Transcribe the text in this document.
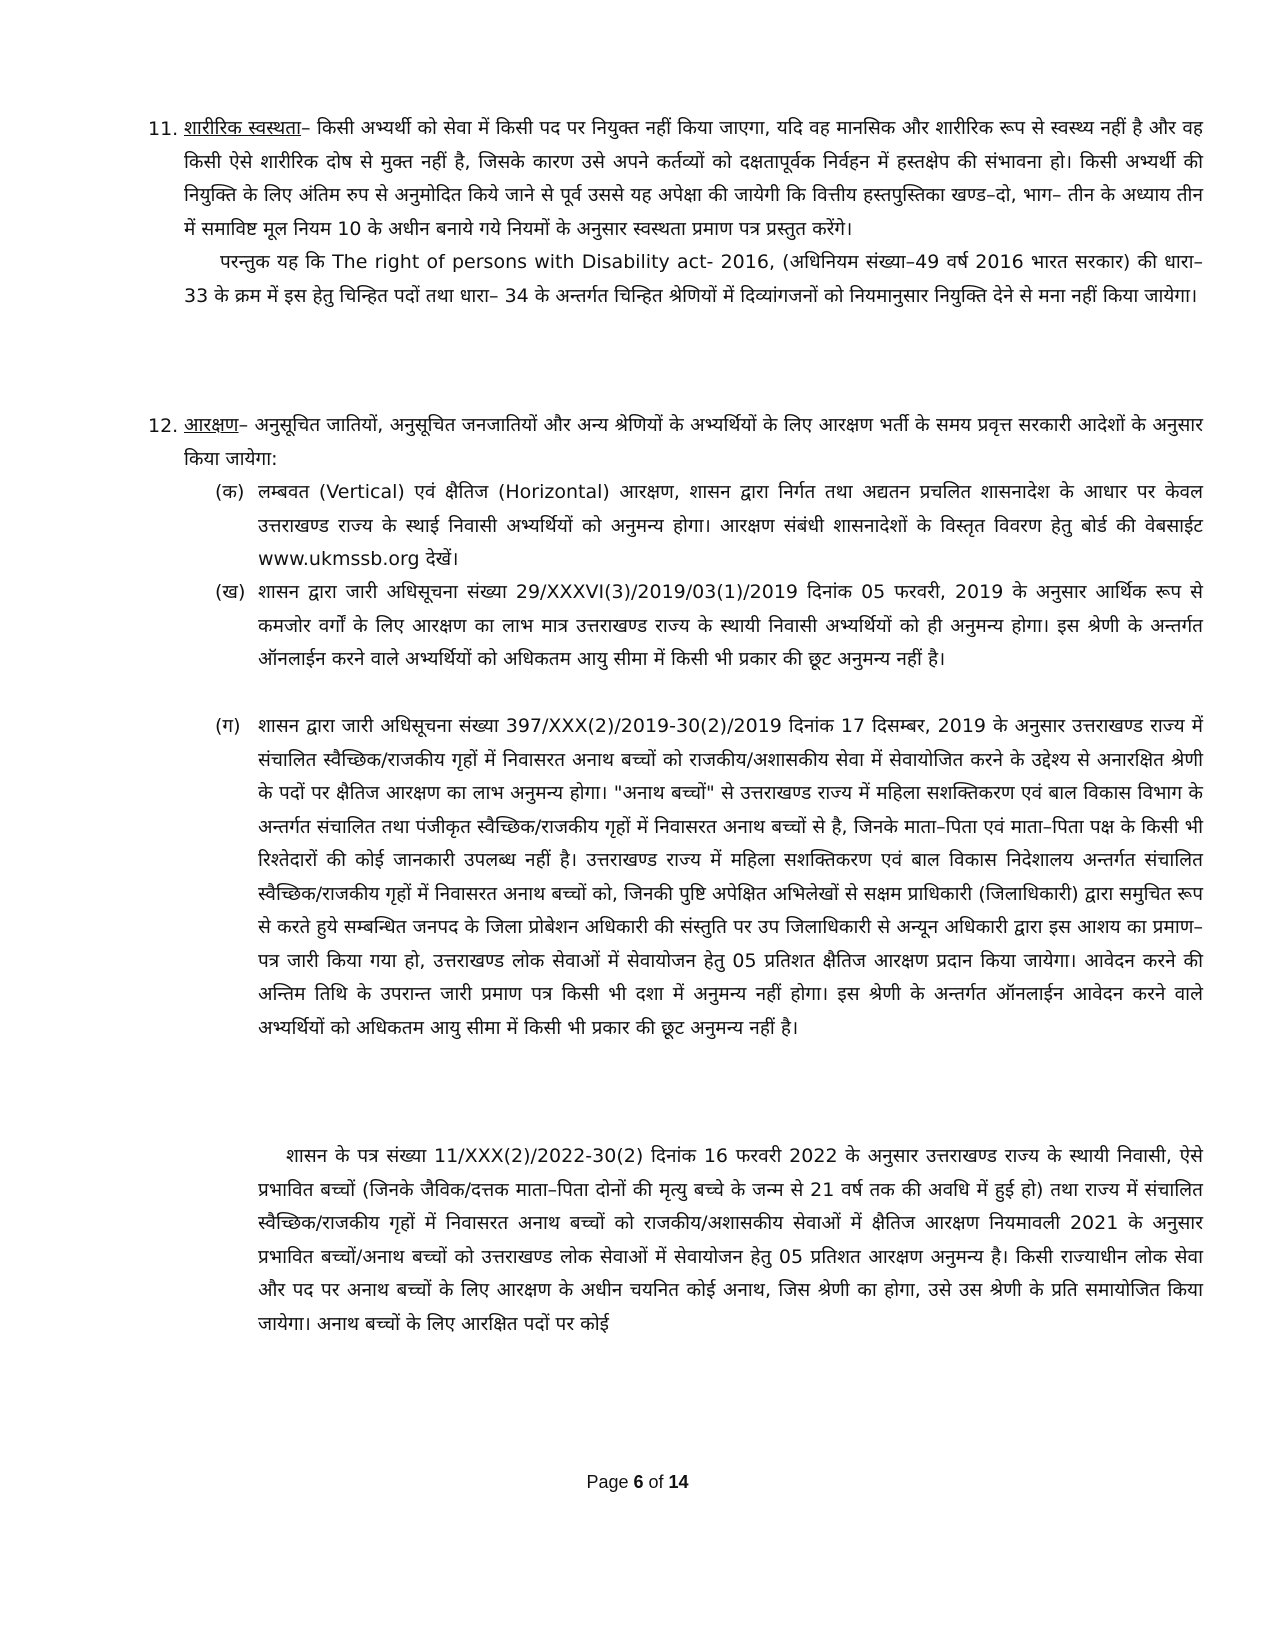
11. शारीरिक स्वस्थता– किसी अभ्यर्थी को सेवा में किसी पद पर नियुक्त नहीं किया जाएगा, यदि वह मानसिक और शारीरिक रूप से स्वस्थ्य नहीं है और वह किसी ऐसे शारीरिक दोष से मुक्त नहीं है, जिसके कारण उसे अपने कर्तव्यों को दक्षतापूर्वक निर्वहन में हस्तक्षेप की संभावना हो। किसी अभ्यर्थी की नियुक्ति के लिए अंतिम रुप से अनुमोदित किये जाने से पूर्व उससे यह अपेक्षा की जायेगी कि वित्तीय हस्तपुस्तिका खण्ड–दो, भाग– तीन के अध्याय तीन में समाविष्ट मूल नियम 10 के अधीन बनाये गये नियमों के अनुसार स्वस्थता प्रमाण पत्र प्रस्तुत करेंगे।

परन्तुक यह कि The right of persons with Disability act- 2016, (अधिनियम संख्या–49 वर्ष 2016 भारत सरकार) की धारा– 33 के क्रम में इस हेतु चिन्हित पदों तथा धारा– 34 के अन्तर्गत चिन्हित श्रेणियों में दिव्यांगजनों को नियमानुसार नियुक्ति देने से मना नहीं किया जायेगा।

12. आरक्षण– अनुसूचित जातियों, अनुसूचित जनजातियों और अन्य श्रेणियों के अभ्यर्थियों के लिए आरक्षण भर्ती के समय प्रवृत्त सरकारी आदेशों के अनुसार किया जायेगा:

(क) लम्बवत (Vertical) एवं क्षैतिज (Horizontal) आरक्षण, शासन द्वारा निर्गत तथा अद्यतन प्रचलित शासनादेश के आधार पर केवल उत्तराखण्ड राज्य के स्थाई निवासी अभ्यर्थियों को अनुमन्य होगा। आरक्षण संबंधी शासनादेशों के विस्तृत विवरण हेतु बोर्ड की वेबसाईट www.ukmssb.org देखें।

(ख) शासन द्वारा जारी अधिसूचना संख्या 29/XXXVI(3)/2019/03(1)/2019 दिनांक 05 फरवरी, 2019 के अनुसार आर्थिक रूप से कमजोर वर्गों के लिए आरक्षण का लाभ मात्र उत्तराखण्ड राज्य के स्थायी निवासी अभ्यर्थियों को ही अनुमन्य होगा। इस श्रेणी के अन्तर्गत ऑनलाईन करने वाले अभ्यर्थियों को अधिकतम आयु सीमा में किसी भी प्रकार की छूट अनुमन्य नहीं है।

(ग) शासन द्वारा जारी अधिसूचना संख्या 397/XXX(2)/2019-30(2)/2019 दिनांक 17 दिसम्बर, 2019 के अनुसार उत्तराखण्ड राज्य में संचालित स्वैच्छिक/राजकीय गृहों में निवासरत अनाथ बच्चों को राजकीय/अशासकीय सेवा में सेवायोजित करने के उद्देश्य से अनारक्षित श्रेणी के पदों पर क्षैतिज आरक्षण का लाभ अनुमन्य होगा। "अनाथ बच्चों" से उत्तराखण्ड राज्य में महिला सशक्तिकरण एवं बाल विकास विभाग के अन्तर्गत संचालित तथा पंजीकृत स्वैच्छिक/राजकीय गृहों में निवासरत अनाथ बच्चों से है, जिनके माता–पिता एवं माता–पिता पक्ष के किसी भी रिश्तेदारों की कोई जानकारी उपलब्ध नहीं है। उत्तराखण्ड राज्य में महिला सशक्तिकरण एवं बाल विकास निदेशालय अन्तर्गत संचालित स्वैच्छिक/राजकीय गृहों में निवासरत अनाथ बच्चों को, जिनकी पुष्टि अपेक्षित अभिलेखों से सक्षम प्राधिकारी (जिलाधिकारी) द्वारा समुचित रूप से करते हुये सम्बन्धित जनपद के जिला प्रोबेशन अधिकारी की संस्तुति पर उप जिलाधिकारी से अन्यून अधिकारी द्वारा इस आशय का प्रमाण–पत्र जारी किया गया हो, उत्तराखण्ड लोक सेवाओं में सेवायोजन हेतु 05 प्रतिशत क्षैतिज आरक्षण प्रदान किया जायेगा। आवेदन करने की अन्तिम तिथि के उपरान्त जारी प्रमाण पत्र किसी भी दशा में अनुमन्य नहीं होगा। इस श्रेणी के अन्तर्गत ऑनलाईन आवेदन करने वाले अभ्यर्थियों को अधिकतम आयु सीमा में किसी भी प्रकार की छूट अनुमन्य नहीं है।

शासन के पत्र संख्या 11/XXX(2)/2022-30(2) दिनांक 16 फरवरी 2022 के अनुसार उत्तराखण्ड राज्य के स्थायी निवासी, ऐसे प्रभावित बच्चों (जिनके जैविक/दत्तक माता–पिता दोनों की मृत्यु बच्चे के जन्म से 21 वर्ष तक की अवधि में हुई हो) तथा राज्य में संचालित स्वैच्छिक/राजकीय गृहों में निवासरत अनाथ बच्चों को राजकीय/अशासकीय सेवाओं में क्षैतिज आरक्षण नियमावली 2021 के अनुसार प्रभावित बच्चों/अनाथ बच्चों को उत्तराखण्ड लोक सेवाओं में सेवायोजन हेतु 05 प्रतिशत आरक्षण अनुमन्य है। किसी राज्याधीन लोक सेवा और पद पर अनाथ बच्चों के लिए आरक्षण के अधीन चयनित कोई अनाथ, जिस श्रेणी का होगा, उसे उस श्रेणी के प्रति समायोजित किया जायेगा। अनाथ बच्चों के लिए आरक्षित पदों पर कोई

Page 6 of 14
